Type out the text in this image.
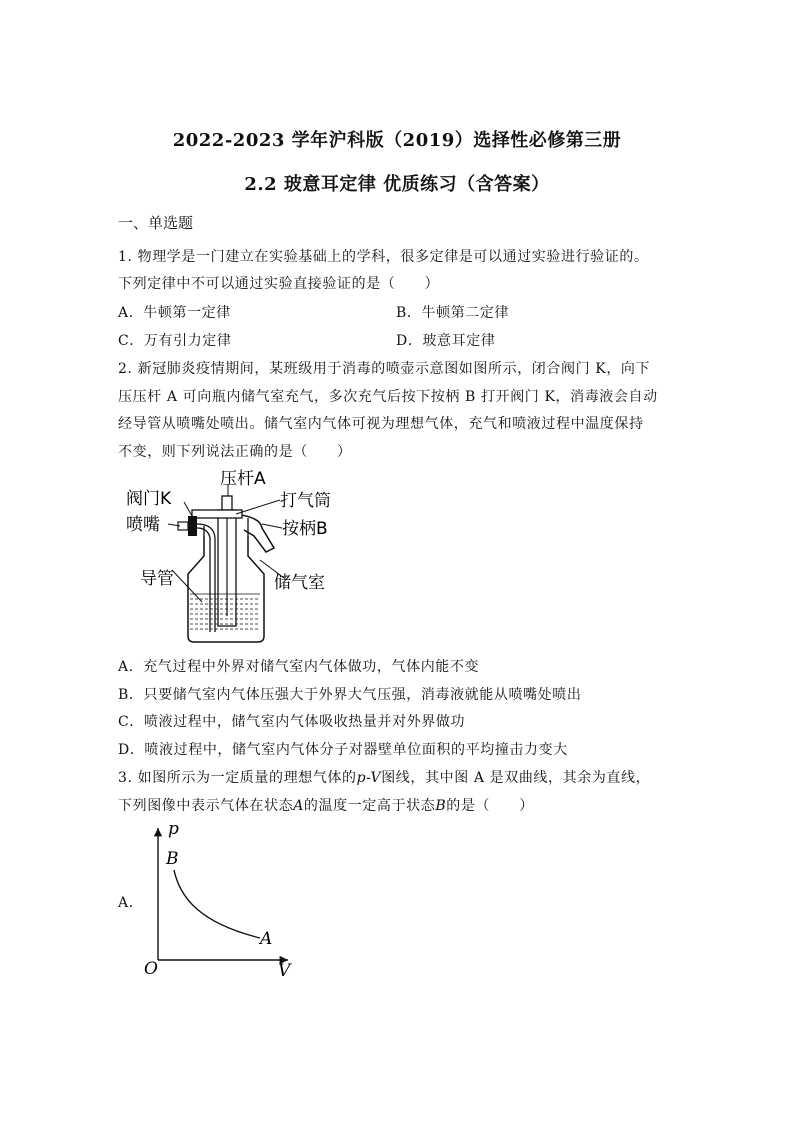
2022-2023 学年沪科版（2019）选择性必修第三册
2.2 玻意耳定律 优质练习（含答案）
一、单选题
1. 物理学是一门建立在实验基础上的学科，很多定律是可以通过实验进行验证的。
下列定律中不可以通过实验直接验证的是（　　）
A．牛顿第一定律	B．牛顿第二定律
C．万有引力定律	D．玻意耳定律
2. 新冠肺炎疫情期间，某班级用于消毒的喷壶示意图如图所示，闭合阀门 K，向下
压压杆 A 可向瓶内储气室充气，多次充气后按下按柄 B 打开阀门 K，消毒液会自动
经导管从喷嘴处喷出。储气室内气体可视为理想气体，充气和喷液过程中温度保持
不变，则下列说法正确的是（　　）
阀门K
压杆A
打气筒
喷嘴	按柄B
导管	储气室
A．充气过程中外界对储气室内气体做功，气体内能不变
B．只要储气室内气体压强大于外界大气压强，消毒液就能从喷嘴处喷出
C．喷液过程中，储气室内气体吸收热量并对外界做功
D．喷液过程中，储气室内气体分子对器壁单位面积的平均撞击力变大
3. 如图所示为一定质量的理想气体的p-V图线，其中图 A 是双曲线，其余为直线，
下列图像中表示气体在状态A的温度一定高于状态B的是（　　）
A．
p
V
O
B
A
